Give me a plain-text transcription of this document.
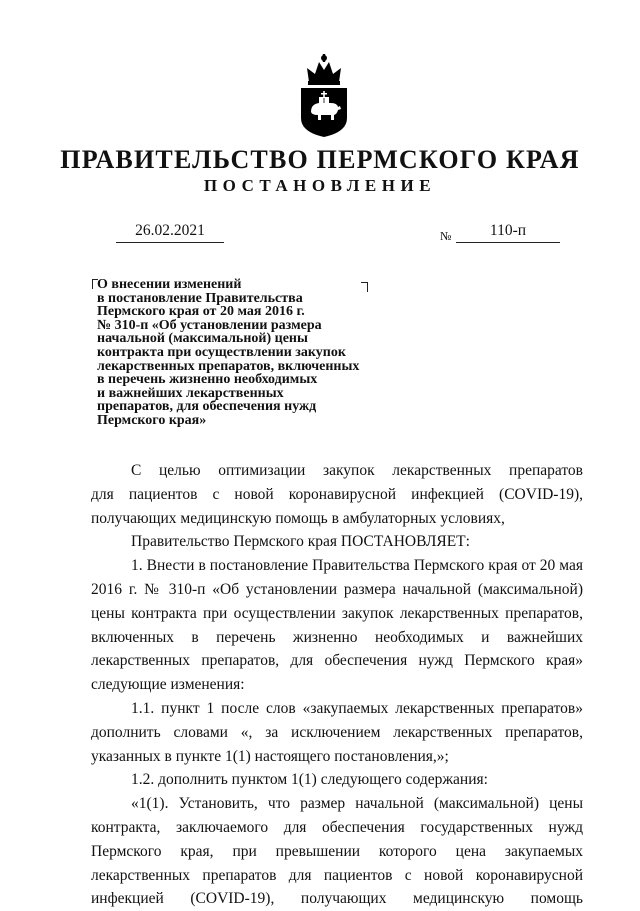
ПРАВИТЕЛЬСТВО ПЕРМСКОГО КРАЯ
ПОСТАНОВЛЕНИЕ
26.02.2021	№	110-п
О внесении изменений
в постановление Правительства
Пермского края от 20 мая 2016 г.
№ 310-п «Об установлении размера
начальной (максимальной) цены
контракта при осуществлении закупок
лекарственных препаратов, включенных
в перечень жизненно необходимых
и важнейших лекарственных
препаратов, для обеспечения нужд
Пермского края»
С целью оптимизации закупок лекарственных препаратов
для пациентов с новой коронавирусной инфекцией (COVID-19),
получающих медицинскую помощь в амбулаторных условиях,
Правительство Пермского края ПОСТАНОВЛЯЕТ:
1. Внести в постановление Правительства Пермского края от 20 мая
2016 г. № 310-п «Об установлении размера начальной (максимальной)
цены контракта при осуществлении закупок лекарственных препаратов,
включенных в перечень жизненно необходимых и важнейших
лекарственных препаратов, для обеспечения нужд Пермского края»
следующие изменения:
1.1. пункт 1 после слов «закупаемых лекарственных препаратов»
дополнить словами «, за исключением лекарственных препаратов,
указанных в пункте 1(1) настоящего постановления,»;
1.2. дополнить пунктом 1(1) следующего содержания:
«1(1). Установить, что размер начальной (максимальной) цены
контракта, заключаемого для обеспечения государственных нужд
Пермского края, при превышении которого цена закупаемых
лекарственных препаратов для пациентов с новой коронавирусной
инфекцией (COVID-19), получающих медицинскую помощь
